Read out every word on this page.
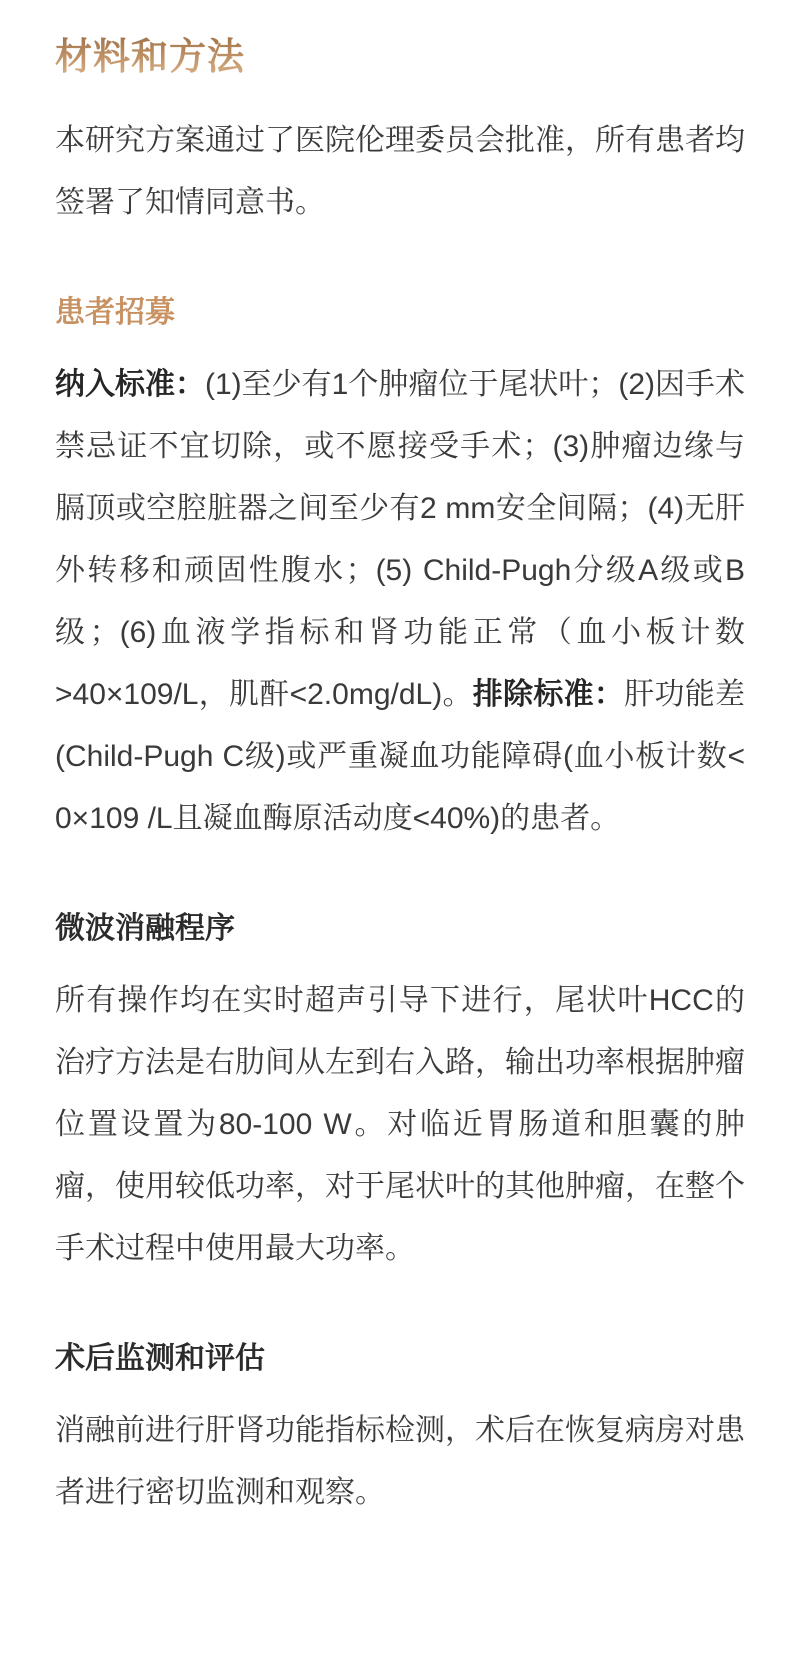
材料和方法

本研究方案通过了医院伦理委员会批准，所有患者均签署了知情同意书。

患者招募

纳入标准：(1)至少有1个肿瘤位于尾状叶；(2)因手术禁忌证不宜切除，或不愿接受手术；(3)肿瘤边缘与膈顶或空腔脏器之间至少有2 mm安全间隔；(4)无肝外转移和顽固性腹水；(5) Child-Pugh分级A级或B级；(6)血液学指标和肾功能正常（血小板计数>40×109/L，肌酐<2.0mg/dL)。排除标准：肝功能差(Child-Pugh C级)或严重凝血功能障碍(血小板计数< 0×109 /L且凝血酶原活动度<40%)的患者。

微波消融程序

所有操作均在实时超声引导下进行，尾状叶HCC的治疗方法是右肋间从左到右入路，输出功率根据肿瘤位置设置为80-100 W。对临近胃肠道和胆囊的肿瘤，使用较低功率，对于尾状叶的其他肿瘤，在整个手术过程中使用最大功率。

术后监测和评估

消融前进行肝肾功能指标检测，术后在恢复病房对患者进行密切监测和观察。
